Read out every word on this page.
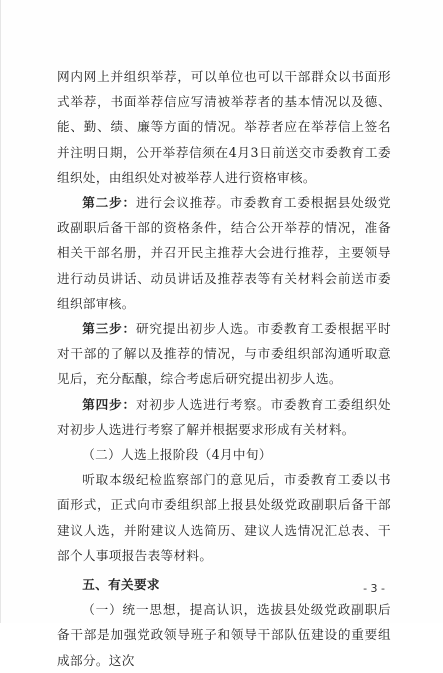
网内网上并组织举荐，可以单位也可以干部群众以书面形式举荐，书面举荐信应写清被举荐者的基本情况以及德、能、勤、绩、廉等方面的情况。举荐者应在举荐信上签名并注明日期，公开举荐信须在4月3日前送交市委教育工委组织处，由组织处对被举荐人进行资格审核。

第二步：进行会议推荐。市委教育工委根据县处级党政副职后备干部的资格条件，结合公开举荐的情况，准备相关干部名册，并召开民主推荐大会进行推荐，主要领导进行动员讲话、动员讲话及推荐表等有关材料会前送市委组织部审核。

第三步：研究提出初步人选。市委教育工委根据平时对干部的了解以及推荐的情况，与市委组织部沟通听取意见后，充分酝酿，综合考虑后研究提出初步人选。

第四步：对初步人选进行考察。市委教育工委组织处对初步人选进行考察了解并根据要求形成有关材料。

（二）人选上报阶段（4月中旬）

听取本级纪检监察部门的意见后，市委教育工委以书面形式，正式向市委组织部上报县处级党政副职后备干部建议人选，并附建议人选简历、建议人选情况汇总表、干部个人事项报告表等材料。

五、有关要求

（一）统一思想，提高认识，选拔县处级党政副职后备干部是加强党政领导班子和领导干部队伍建设的重要组成部分。这次

- 3 -
